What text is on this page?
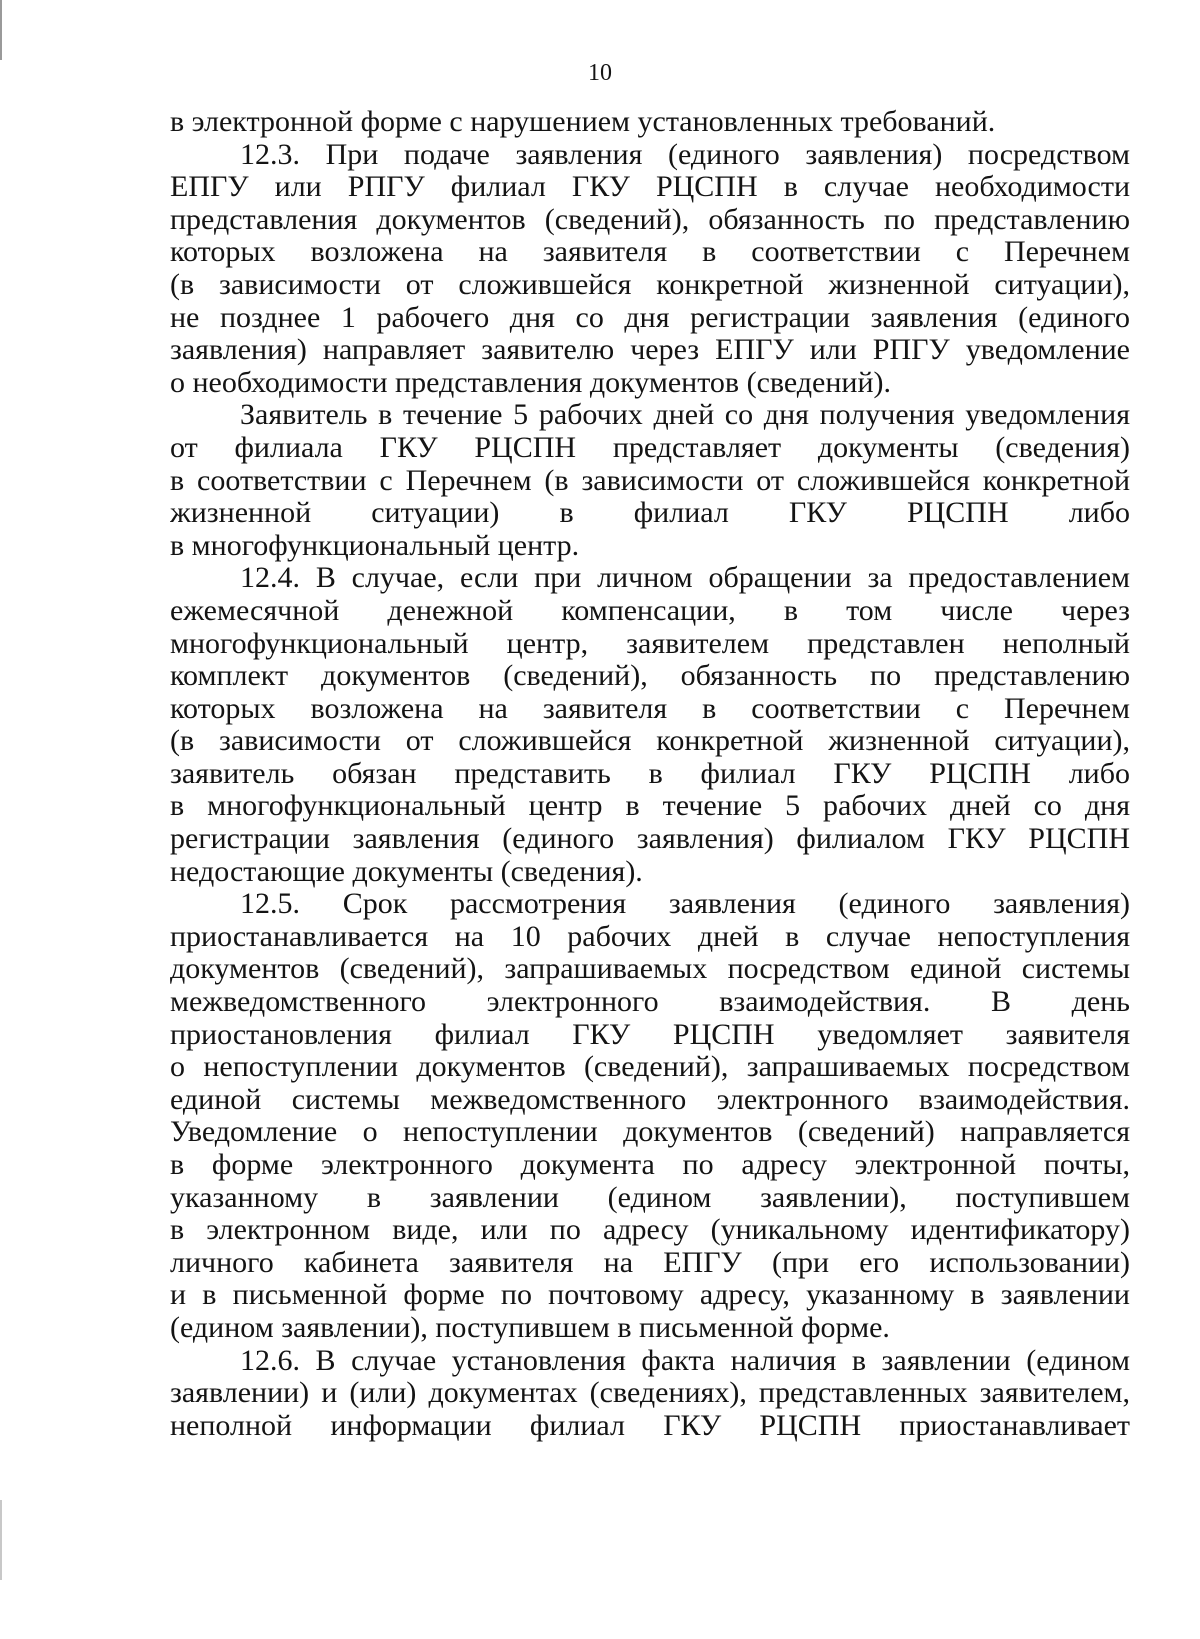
10
в электронной форме с нарушением установленных требований.
12.3. При подаче заявления (единого заявления) посредством
ЕПГУ или РПГУ филиал ГКУ РЦСПН в случае необходимости
представления документов (сведений), обязанность по представлению
которых возложена на заявителя в соответствии с Перечнем
(в зависимости от сложившейся конкретной жизненной ситуации),
не позднее 1 рабочего дня со дня регистрации заявления (единого
заявления) направляет заявителю через ЕПГУ или РПГУ уведомление
о необходимости представления документов (сведений).
Заявитель в течение 5 рабочих дней со дня получения уведомления
от филиала ГКУ РЦСПН представляет документы (сведения)
в соответствии с Перечнем (в зависимости от сложившейся конкретной
жизненной ситуации) в филиал ГКУ РЦСПН либо
в многофункциональный центр.
12.4. В случае, если при личном обращении за предоставлением
ежемесячной денежной компенсации, в том числе через
многофункциональный центр, заявителем представлен неполный
комплект документов (сведений), обязанность по представлению
которых возложена на заявителя в соответствии с Перечнем
(в зависимости от сложившейся конкретной жизненной ситуации),
заявитель обязан представить в филиал ГКУ РЦСПН либо
в многофункциональный центр в течение 5 рабочих дней со дня
регистрации заявления (единого заявления) филиалом ГКУ РЦСПН
недостающие документы (сведения).
12.5. Срок рассмотрения заявления (единого заявления)
приостанавливается на 10 рабочих дней в случае непоступления
документов (сведений), запрашиваемых посредством единой системы
межведомственного электронного взаимодействия. В день
приостановления филиал ГКУ РЦСПН уведомляет заявителя
о непоступлении документов (сведений), запрашиваемых посредством
единой системы межведомственного электронного взаимодействия.
Уведомление о непоступлении документов (сведений) направляется
в форме электронного документа по адресу электронной почты,
указанному в заявлении (едином заявлении), поступившем
в электронном виде, или по адресу (уникальному идентификатору)
личного кабинета заявителя на ЕПГУ (при его использовании)
и в письменной форме по почтовому адресу, указанному в заявлении
(едином заявлении), поступившем в письменной форме.
12.6. В случае установления факта наличия в заявлении (едином
заявлении) и (или) документах (сведениях), представленных заявителем,
неполной информации филиал ГКУ РЦСПН приостанавливает
